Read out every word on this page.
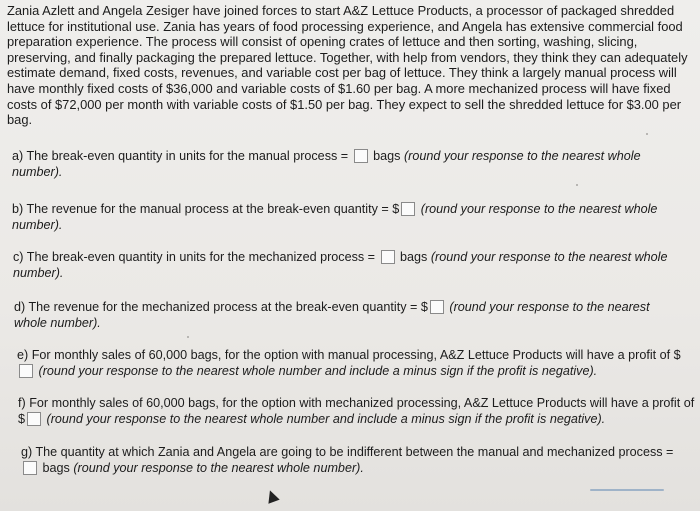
Zania Azlett and Angela Zesiger have joined forces to start A&Z Lettuce Products, a processor of packaged shredded lettuce for institutional use. Zania has years of food processing experience, and Angela has extensive commercial food preparation experience. The process will consist of opening crates of lettuce and then sorting, washing, slicing, preserving, and finally packaging the prepared lettuce. Together, with help from vendors, they think they can adequately estimate demand, fixed costs, revenues, and variable cost per bag of lettuce. They think a largely manual process will have monthly fixed costs of $36,000 and variable costs of $1.60 per bag. A more mechanized process will have fixed costs of $72,000 per month with variable costs of $1.50 per bag. They expect to sell the shredded lettuce for $3.00 per bag.
a) The break-even quantity in units for the manual process =  bags (round your response to the nearest whole number).
b) The revenue for the manual process at the break-even quantity = $ (round your response to the nearest whole number).
c) The break-even quantity in units for the mechanized process =  bags (round your response to the nearest whole number).
d) The revenue for the mechanized process at the break-even quantity = $ (round your response to the nearest whole number).
e) For monthly sales of 60,000 bags, for the option with manual processing, A&Z Lettuce Products will have a profit of $ (round your response to the nearest whole number and include a minus sign if the profit is negative).
f) For monthly sales of 60,000 bags, for the option with mechanized processing, A&Z Lettuce Products will have a profit of $ (round your response to the nearest whole number and include a minus sign if the profit is negative).
g) The quantity at which Zania and Angela are going to be indifferent between the manual and mechanized process =  bags (round your response to the nearest whole number).
